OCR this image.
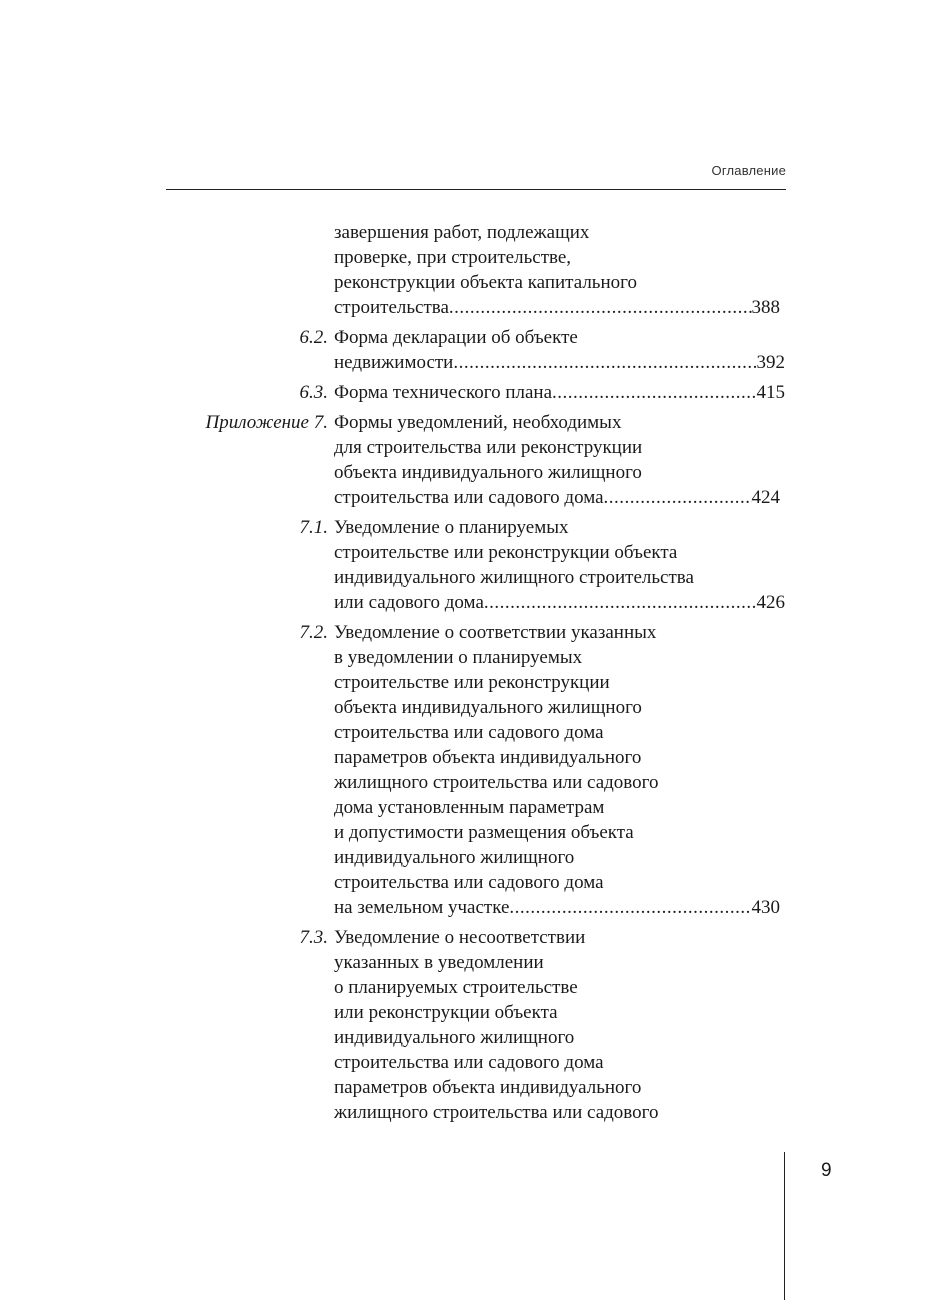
Оглавление
завершения работ, подлежащих
проверке, при строительстве,
реконструкции объекта капитального
строительства .....	388
6.2. Форма декларации об объекте
недвижимости .....	392
6.3. Форма технического плана .....	415
Приложение 7. Формы уведомлений, необходимых
для строительства или реконструкции
объекта индивидуального жилищного
строительства или садового дома .....	424
7.1. Уведомление о планируемых
строительстве или реконструкции объекта
индивидуального жилищного строительства
или садового дома .....	426
7.2. Уведомление о соответствии указанных
в уведомлении о планируемых
строительстве или реконструкции
объекта индивидуального жилищного
строительства или садового дома
параметров объекта индивидуального
жилищного строительства или садового
дома установленным параметрам
и допустимости размещения объекта
индивидуального жилищного
строительства или садового дома
на земельном участке .....	430
7.3. Уведомление о несоответствии
указанных в уведомлении
о планируемых строительстве
или реконструкции объекта
индивидуального жилищного
строительства или садового дома
параметров объекта индивидуального
жилищного строительства или садового
9
